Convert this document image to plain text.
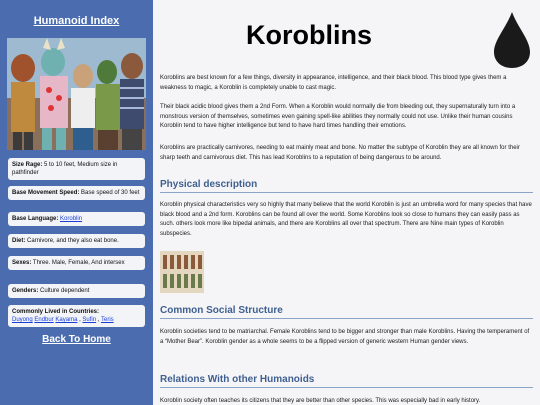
Humanoid Index
Size Rage: 5 to 10 feet, Medium size in pathfinder
Base Movement Speed: Base speed of 30 feet
Base Language: Koroblin
Diet: Carnivore, and they also eat bone.
Sexes: Three. Male, Female, And intersex
Genders: Culture dependent
Commonly Lived in Countries:
Duyong Endbur Kayama , Sufin , Teris
Back To Home
Koroblins

Koroblins are best known for a few things, diversity in appearance, intelligence, and their black blood. This blood type gives them a weakness to magic, a Koroblin is completely unable to cast magic.

Their black acidic blood gives them a 2nd Form. When a Koroblin would normally die from bleeding out, they supernaturally turn into a monstrous version of themselves, sometimes even gaining spell-like abilities they normally could not use. Unlike their human cousins Koroblin tend to have higher intelligence but tend to have hard times handling their emotions.

Koroblins are practically carnivores, needing to eat mainly meat and bone. No matter the subtype of Koroblin they are all known for their sharp teeth and carnivorous diet. This has lead Koroblins to a reputation of being dangerous to be around.

Physical description

Koroblin physical characteristics very so highly that many believe that the world Koroblin is just an umbrella word for many species that have black blood and a 2nd form. Koroblins can be found all over the world. Some Koroblins look so close to humans they can easily pass as such. others look more like bipedal animals, and there are Koroblins all over that spectrum. There are Nine main types of Koroblin subspecies.

Common Social Structure

Koroblin societies tend to be matriarchal. Female Koroblins tend to be bigger and stronger than male Koroblins. Having the temperament of a “Mother Bear”. Koroblin gender as a whole seems to be a flipped version of generic western Human gender views.

Relations With other Humanoids

Koroblin society often teaches its citizens that they are better than other species. This was especially bad in early history.
